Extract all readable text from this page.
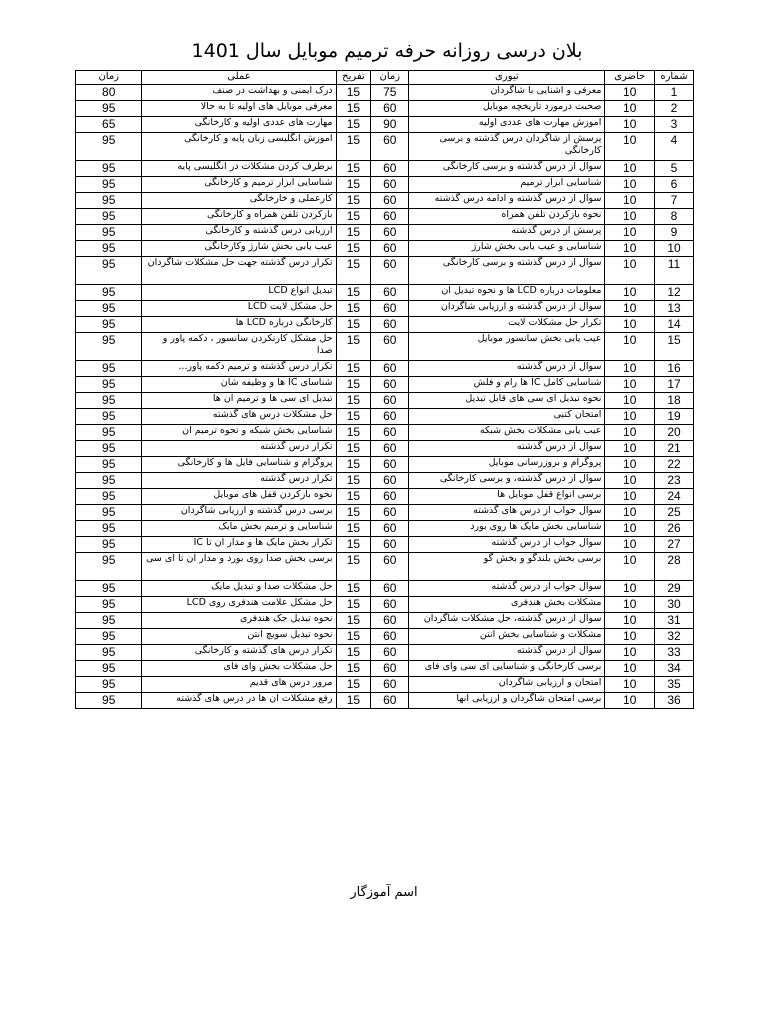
بلان درسی روزانه حرفه ترمیم موبایل سال1401
شماره	حاضری	تیوری	زمان	تفریح	عملی	زمان
1	10	معرفی و آشنایی با شاگردان	75	15	درک ایمنی و بهداشت در صنف	80
2	10	صحبت درمورد تاریخچه موبایل	60	15	معرفی موبایل های اولیه تا به حالا	95
3	10	آموزش مهارت های عددی اولیه	90	15	مهارت های عددی اولیه و کارخانگی	65
4	10	پرسش از شاگردان درس گذشته و برسی کارخانگی	60	15	آموزش انگلیسی زبان پایه و کارخانگی	95
5	10	سوال از درس گذشته و برسی کارخانگی	60	15	برطرف کردن مشکلات در انگلیسی پایه	95
6	10	شناسایی ابزار ترمیم	60	15	شناسایی ابزار ترمیم و کارخانگی	95
7	10	سوال از درس گذشته و ادامه درس گذشته	60	15	کارعملی و خارخانگی	95
8	10	نحوه بازکردن تلفن همراه	60	15	بازکردن تلفن همراه و کارخانگی	95
9	10	پرسش از درس گذشته	60	15	ارزیابی درس گذشته و کارخانگی	95
10	10	شناسایی و عیب یابی بخش شارژ	60	15	عیب یابی بخش شارژ وکارخانگی	95
11	10	سوال از درس گذشته و برسی کارخانگی	60	15	تکرار درس گذشته جهت حل مشکلات شاگردان	95
12	10	معلومات درباره LCD ها و نحوه تبدیل آن	60	15	تبدیل انواع LCD	95
13	10	سوال از درس گذشته و ارزیابی شاگردان	60	15	حل مشکل لایت LCD	95
14	10	تکرار حل مشکلات لایت	60	15	کارخانگی درباره LCD ها	95
15	10	عیب یابی بخش سانسور موبایل	60	15	حل مشکل کارنکردن سانسور ، دکمه پاور و صدا	95
16	10	سوال از درس گذشته	60	15	تکرار درس گذشته و ترمیم دکمه پاور...	95
17	10	شناسایی کامل IC ها رام و فلش	60	15	شناسای IC ها و وظیفه شان	95
18	10	نحوه تبدیل آی سی های قابل تبدیل	60	15	تبدیل آی سی ها و ترمیم آن ها	95
19	10	امتحان کتبی	60	15	حل مشکلات درس های گذشته	95
20	10	عیب یابی مشکلات بخش شبکه	60	15	شناسایی بخش شبکه و نحوه ترمیم آن	95
21	10	سوال از درس گذشته	60	15	تکرار درس گذشته	95
22	10	پروگرام و بروزرسانی موبایل	60	15	پروگرام و شناسایی فایل ها و کارخانگی	95
23	10	سوال از درس گذشته، و برسی کارخانگی	60	15	تکرار درس گذشته	95
24	10	برسی انواع قفل موبایل ها	60	15	نحوه بازکردن قفل های موبایل	95
25	10	سوال جواب از درس های گذشته	60	15	برسی درس گذشته و ارزیابی شاگردان	95
26	10	شناسایی بخش مایک ها روی بورد	60	15	شناسایی و ترمیم بخش مایک	95
27	10	سوال جواب از درس گذشته	60	15	تکرار بخش مایک ها و مدار آن تا IC	95
28	10	برسی بخش بلندگو و بخش گو	60	15	برسی بخش صدا روی بورد و مدار آن تا آی سی	95
29	10	سوال جواب از درس گذشته	60	15	حل مشکلات صدا و تبدیل مایک	95
30	10	مشکلات بخش هندفری	60	15	حل مشکل علامت هندفری روی LCD	95
31	10	سوال از درس گذشته، حل مشکلات شاگردان	60	15	نحوه تبدیل جک هندفری	95
32	10	مشکلات و شناسایی بخش آنتن	60	15	نحوه تبدیل سویچ آنتن	95
33	10	سوال از درس گذشته	60	15	تکرار درس های گذشته و کارخانگی	95
34	10	برسی کارخانگی و شناسایی آی سی وای فای	60	15	حل مشکلات بخش وای فای	95
35	10	امتحان و ارزیابی شاگردان	60	15	مرور درس های قدیم	95
36	10	برسی امتحان شاگردان و ارزیابی آنها	60	15	رفع مشکلات آن ها در درس های گذشته	95
اسم آموزگار
